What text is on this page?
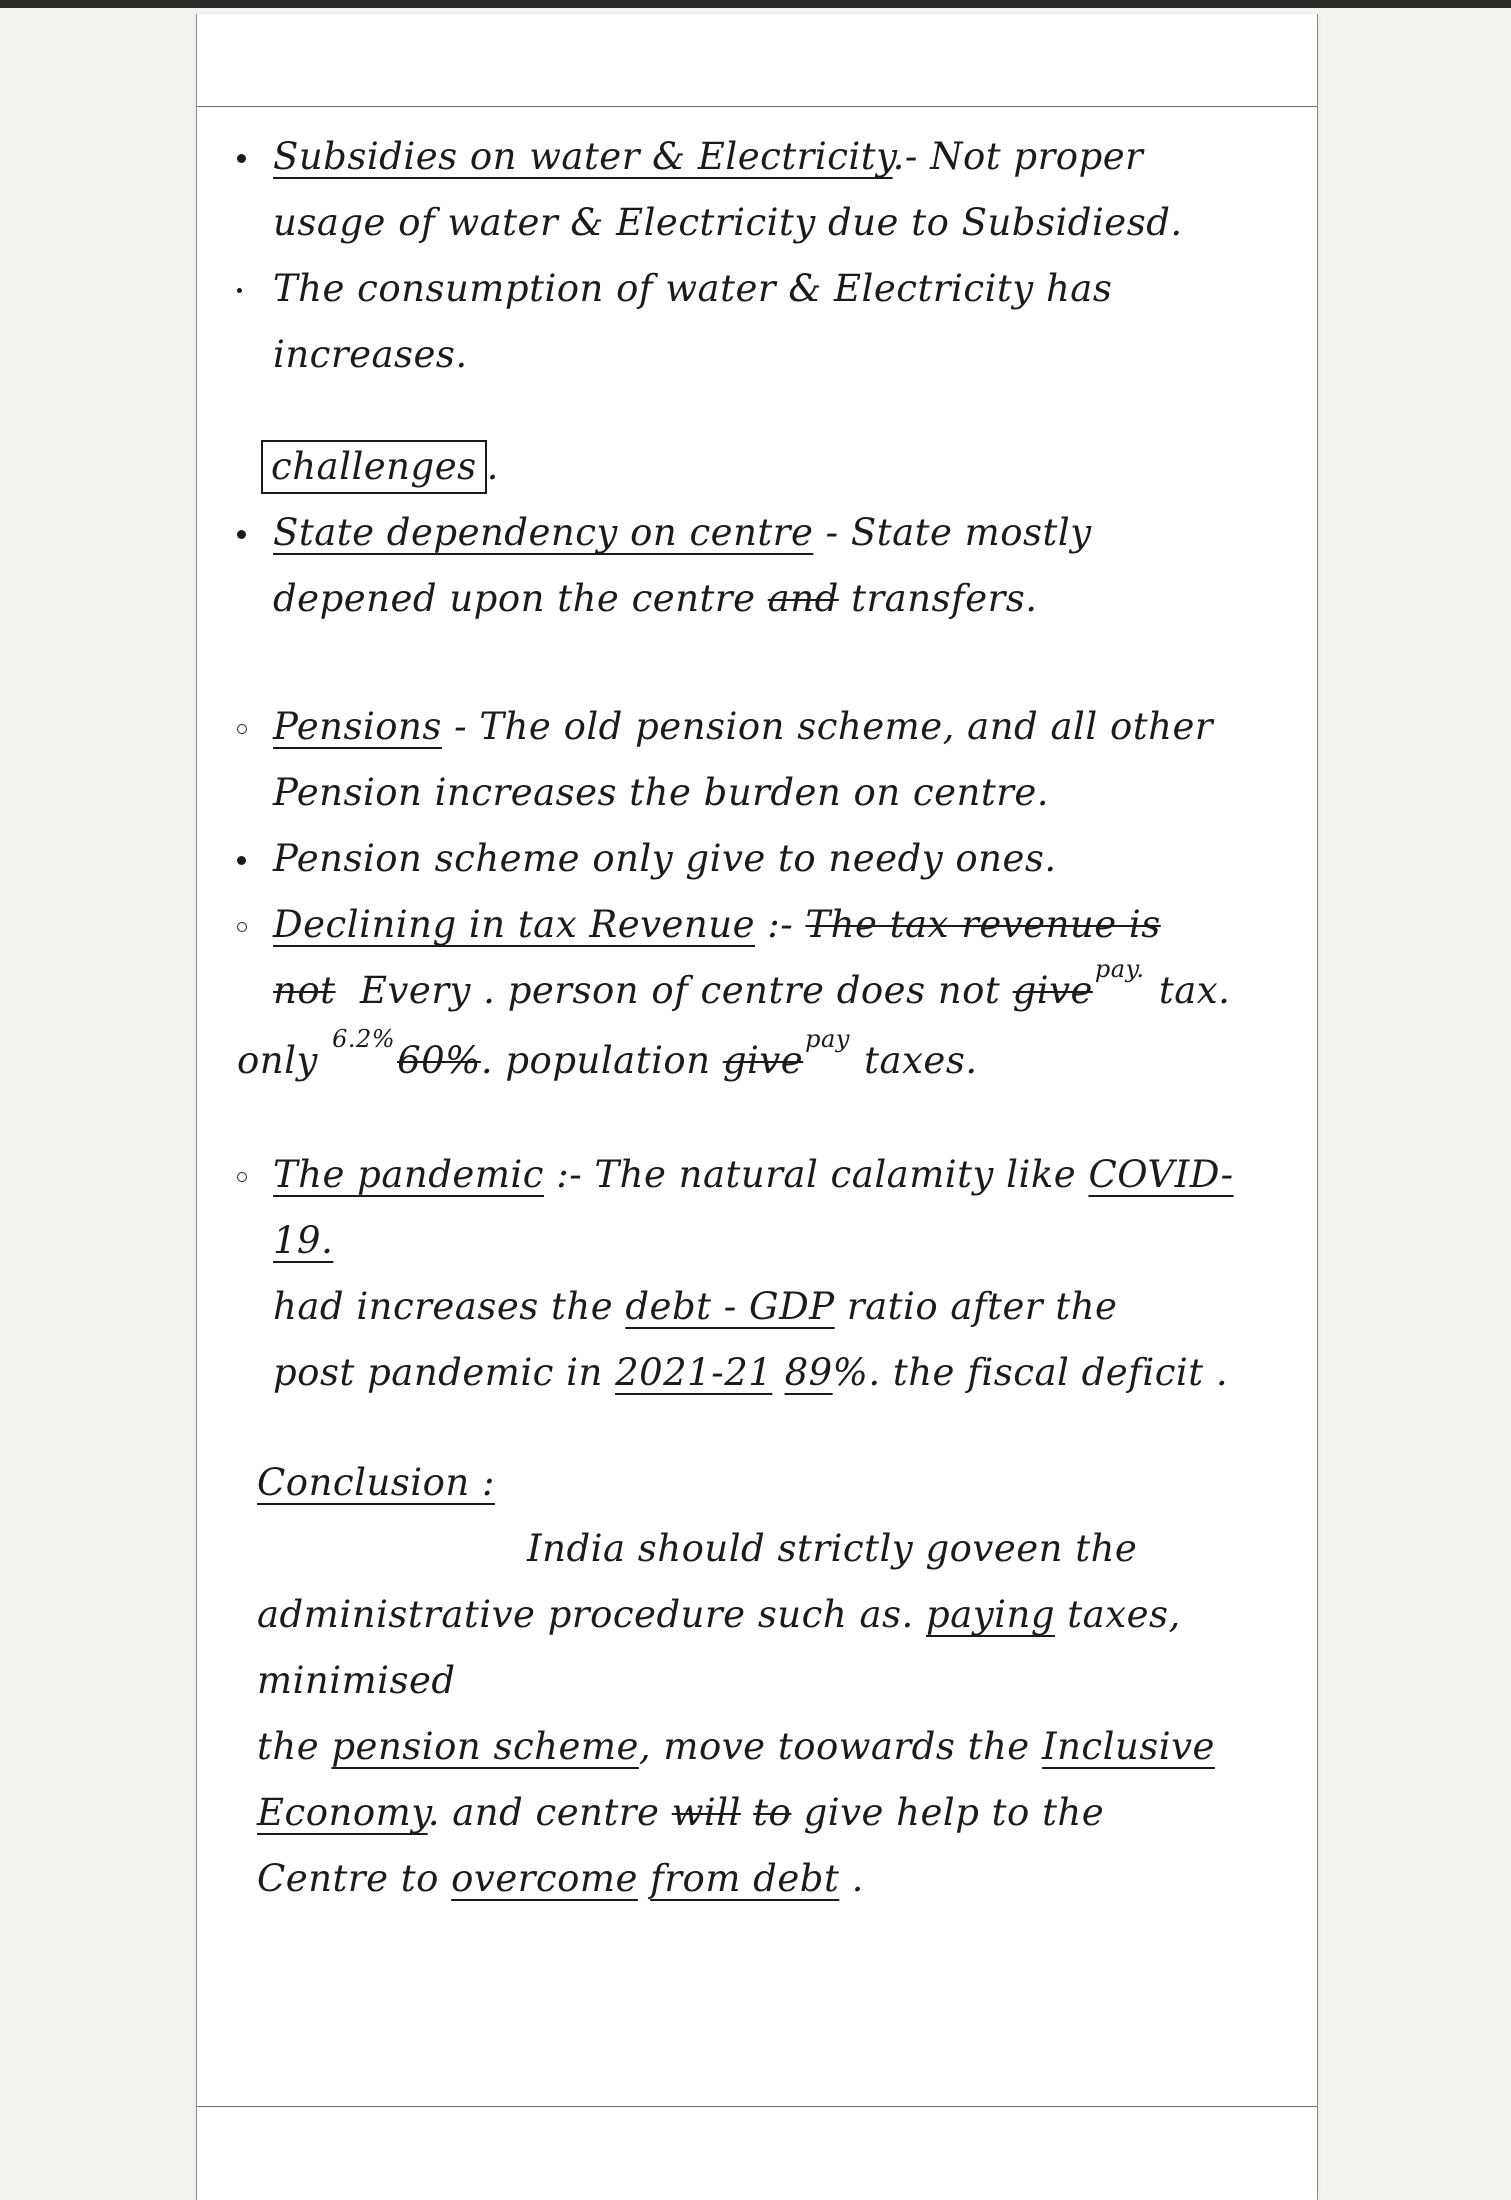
Subsidies on water & Electricity.- Not proper
usage of water & Electricity due to Subsidiesd.
The consumption of water & Electricity has
increases.
challenges .
State dependency on centre - State mostly
depened upon the centre and transfers.
Pensions - The old pension scheme, and all other
Pension increases the burden on centre.
Pension scheme only give to needy ones.
Declining in tax Revenue :- The tax revenue is
not Every . person of centre does not give$^{pay.}$ tax.
only $^{6.2\%}$60%. population give$^{pay}$ taxes.
The pandemic :- The natural calamity like COVID- 19.
had increases the debt - GDP ratio after the
post pandemic in 2021-21 89%. the fiscal deficit .
Conclusion :
India should strictly goveen the
administrative procedure such as. paying taxes, minimised
the pension scheme, move toowards the Inclusive
Economy. and centre will to give help to the
Centre to overcome from debt .
